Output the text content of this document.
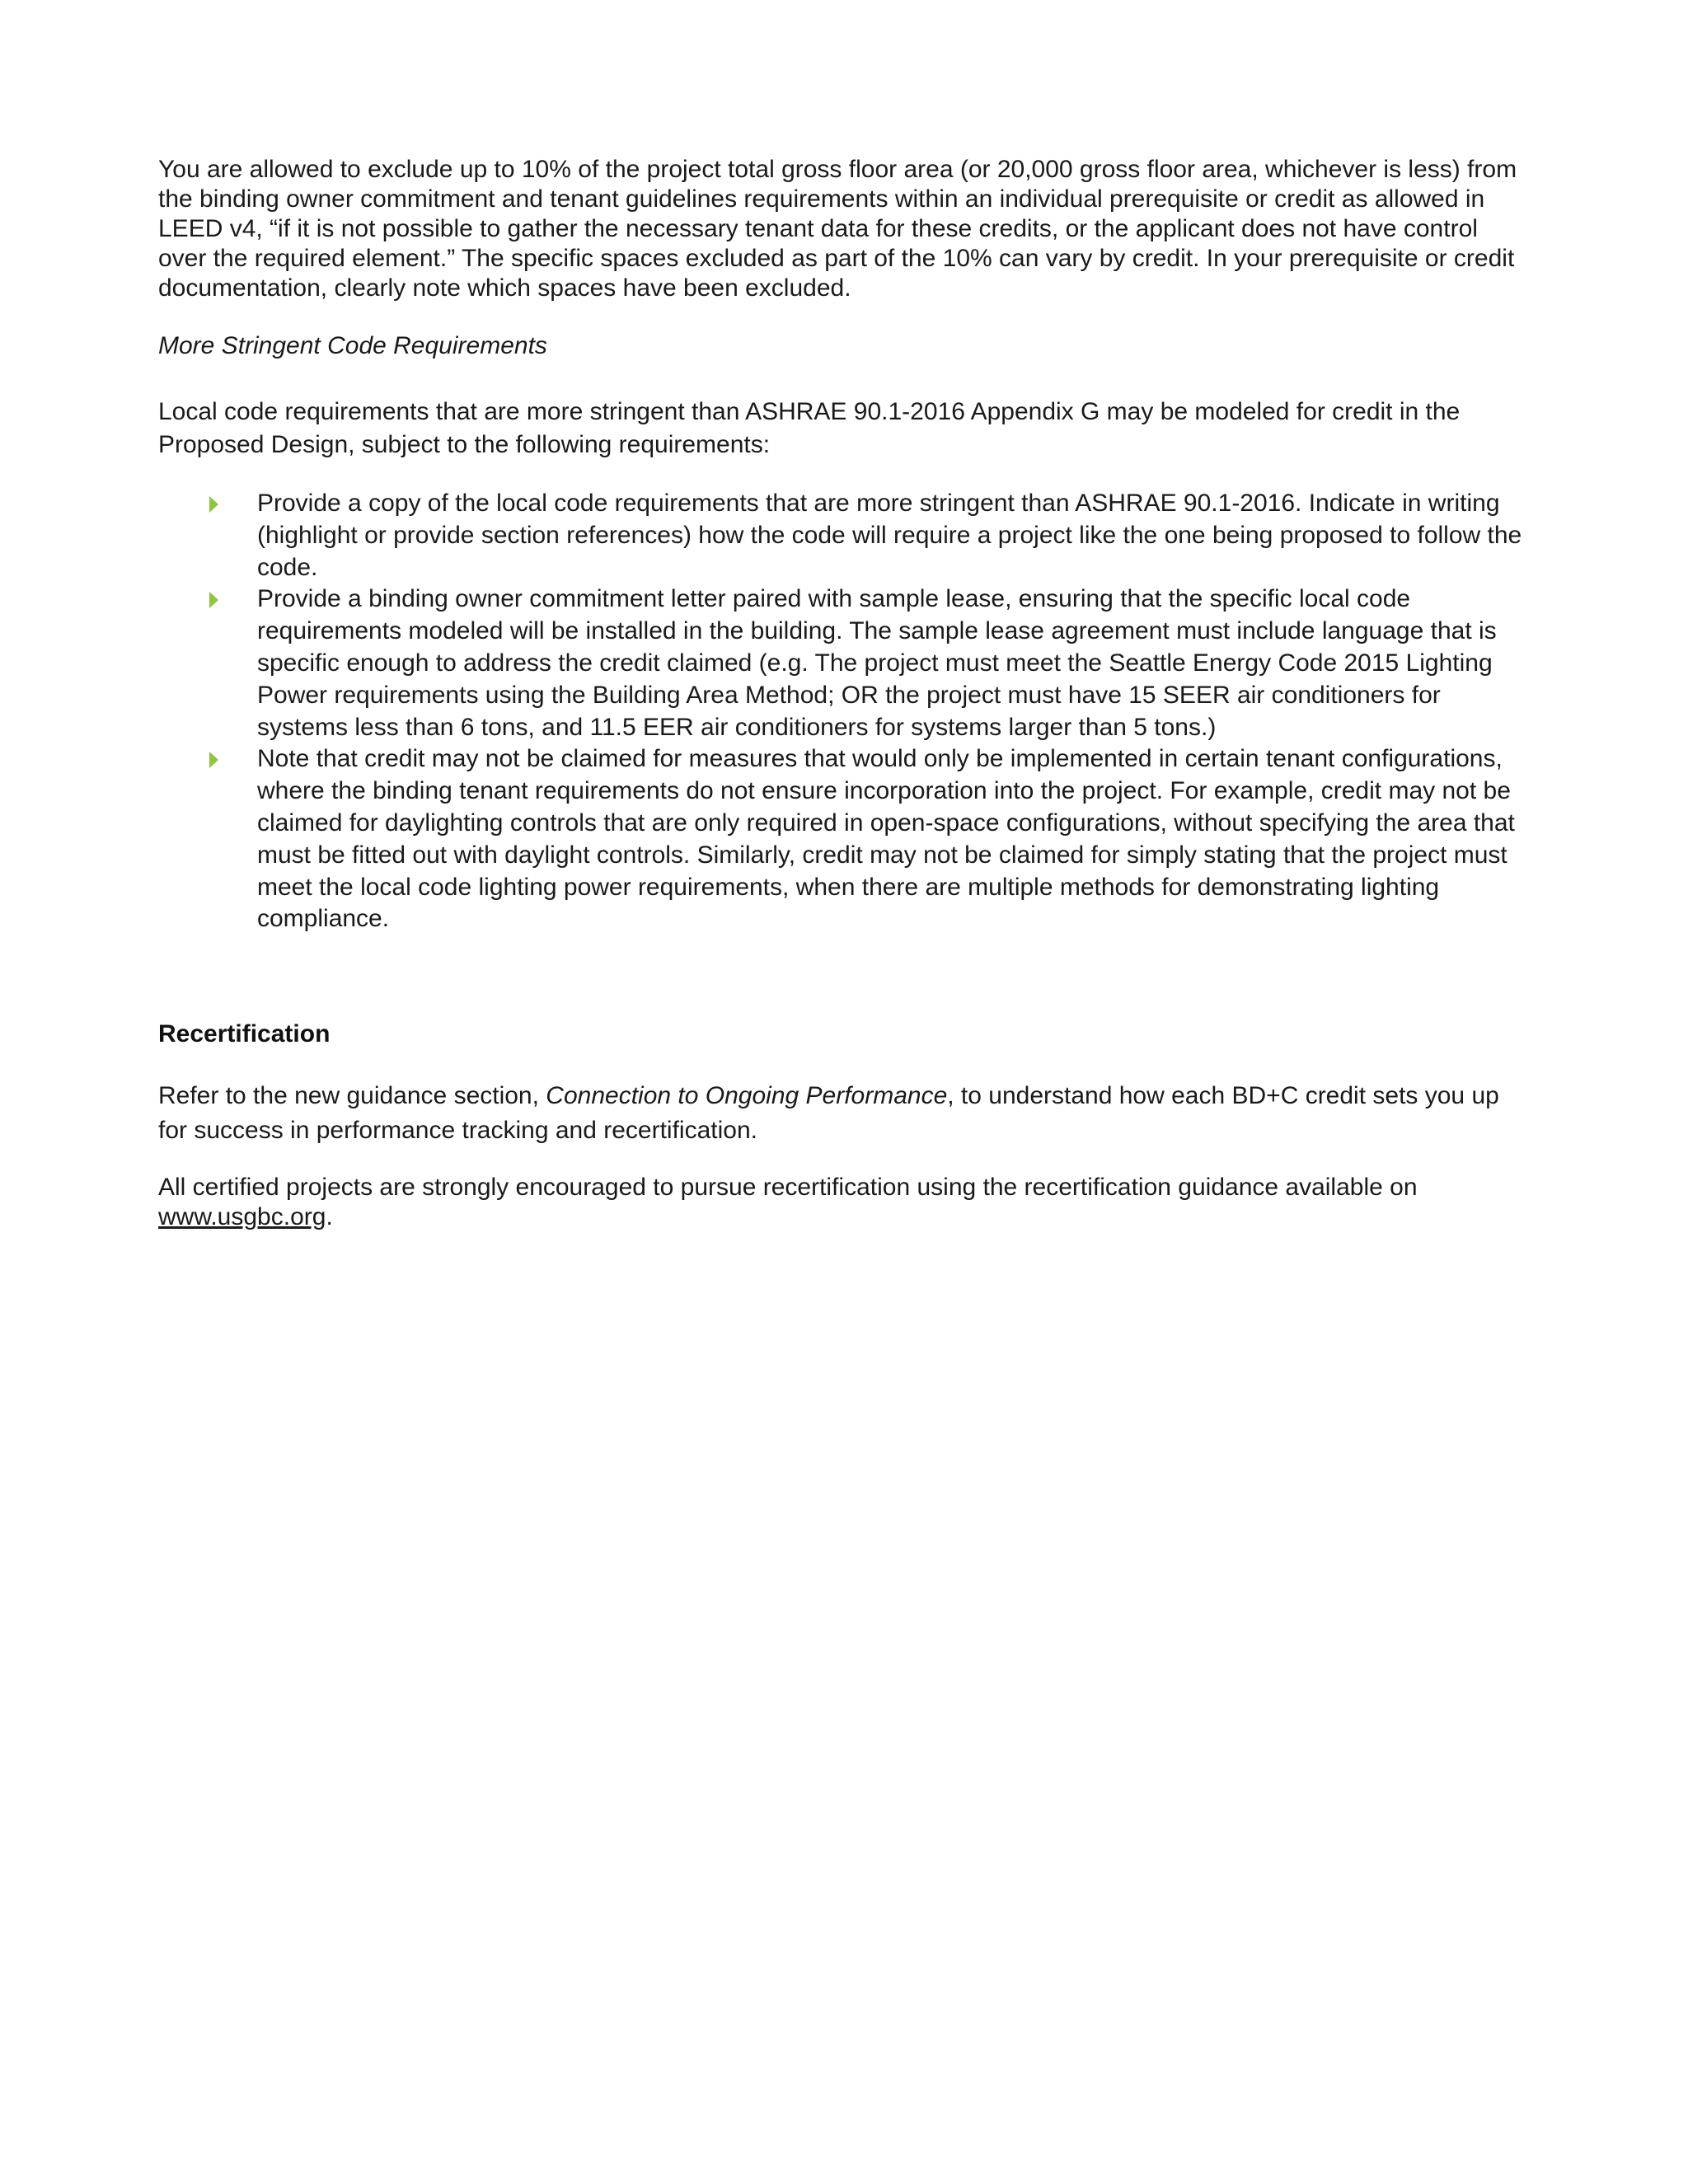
You are allowed to exclude up to 10% of the project total gross floor area (or 20,000 gross floor area, whichever is less) from the binding owner commitment and tenant guidelines requirements within an individual prerequisite or credit as allowed in LEED v4, “if it is not possible to gather the necessary tenant data for these credits, or the applicant does not have control over the required element.” The specific spaces excluded as part of the 10% can vary by credit. In your prerequisite or credit documentation, clearly note which spaces have been excluded.

More Stringent Code Requirements

Local code requirements that are more stringent than ASHRAE 90.1-2016 Appendix G may be modeled for credit in the Proposed Design, subject to the following requirements:

Provide a copy of the local code requirements that are more stringent than ASHRAE 90.1-2016. Indicate in writing (highlight or provide section references) how the code will require a project like the one being proposed to follow the code.
Provide a binding owner commitment letter paired with sample lease, ensuring that the specific local code requirements modeled will be installed in the building. The sample lease agreement must include language that is specific enough to address the credit claimed (e.g. The project must meet the Seattle Energy Code 2015 Lighting Power requirements using the Building Area Method; OR the project must have 15 SEER air conditioners for systems less than 6 tons, and 11.5 EER air conditioners for systems larger than 5 tons.)
Note that credit may not be claimed for measures that would only be implemented in certain tenant configurations, where the binding tenant requirements do not ensure incorporation into the project. For example, credit may not be claimed for daylighting controls that are only required in open-space configurations, without specifying the area that must be fitted out with daylight controls. Similarly, credit may not be claimed for simply stating that the project must meet the local code lighting power requirements, when there are multiple methods for demonstrating lighting compliance.
Recertification

Refer to the new guidance section, Connection to Ongoing Performance, to understand how each BD+C credit sets you up for success in performance tracking and recertification.

All certified projects are strongly encouraged to pursue recertification using the recertification guidance available on www.usgbc.org.
